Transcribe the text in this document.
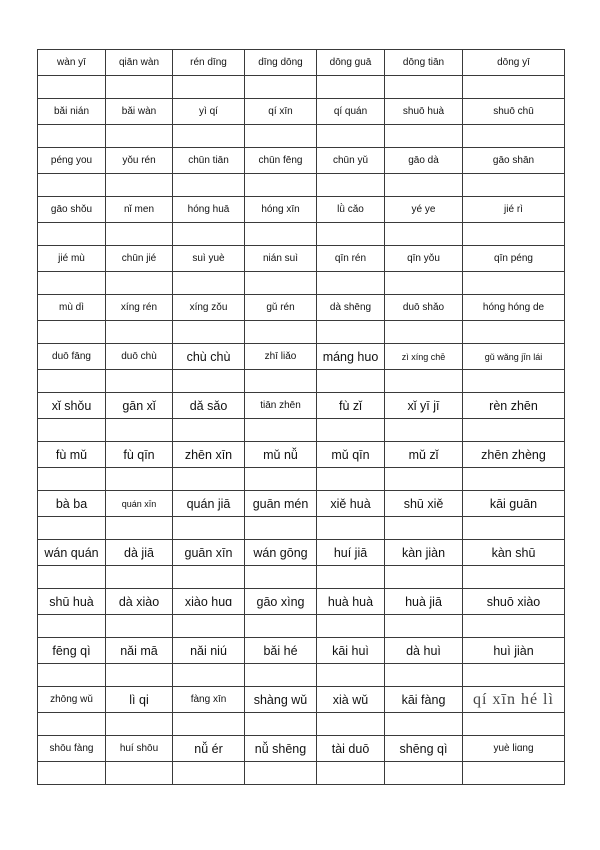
wàn yī	qiān wàn	rén dīng	dīng dōng	dōng guā	dōng tiān	dōng yī

bǎi nián	bǎi wàn	yì qí	qí xīn	qí quán	shuō huà	shuō chū

péng you	yǒu rén	chūn tiān	chūn fēng	chūn yǔ	gāo dà	gāo shān

gāo shǒu	nǐ men	hóng huā	hóng xīn	lǜ cǎo	yé ye	jié rì

jié mù	chūn jié	suì yuè	nián suì	qīn rén	qīn yǒu	qīn péng

mù dì	xíng rén	xíng zǒu	gǔ rén	dà shēng	duō shǎo	hóng hóng de

duō fāng	duō chù	chù chù	zhī liǎo	máng huo	zì xíng chē	gǔ wǎng jīn lái

xǐ shǒu	gān xǐ	dǎ sǎo	tiān zhēn	fù zǐ	xǐ yī jī	rèn zhēn

fù mǔ	fù qīn	zhēn xīn	mǔ nǚ	mǔ qīn	mǔ zǐ	zhēn zhèng

bà ba	quán xīn	quán jiā	guān mén	xiě huà	shū xiě	kāi guān

wán quán	dà jiā	guān xīn	wán gōng	huí jiā	kàn jiàn	kàn shū

shū huà	dà xiào	xiào huɑ	gāo xìng	huà huà	huà jiā	shuō xiào

fēng qì	nǎi mā	nǎi niú	bǎi hé	kāi huì	dà huì	huì jiàn

zhōng wǔ	lì qi	fàng xīn	shàng wǔ	xià wǔ	kāi fàng	qí xīn hé lì

shōu fàng	huí shōu	nǚ ér	nǚ shēng	tài duō	shēng qì	yuè liɑng
